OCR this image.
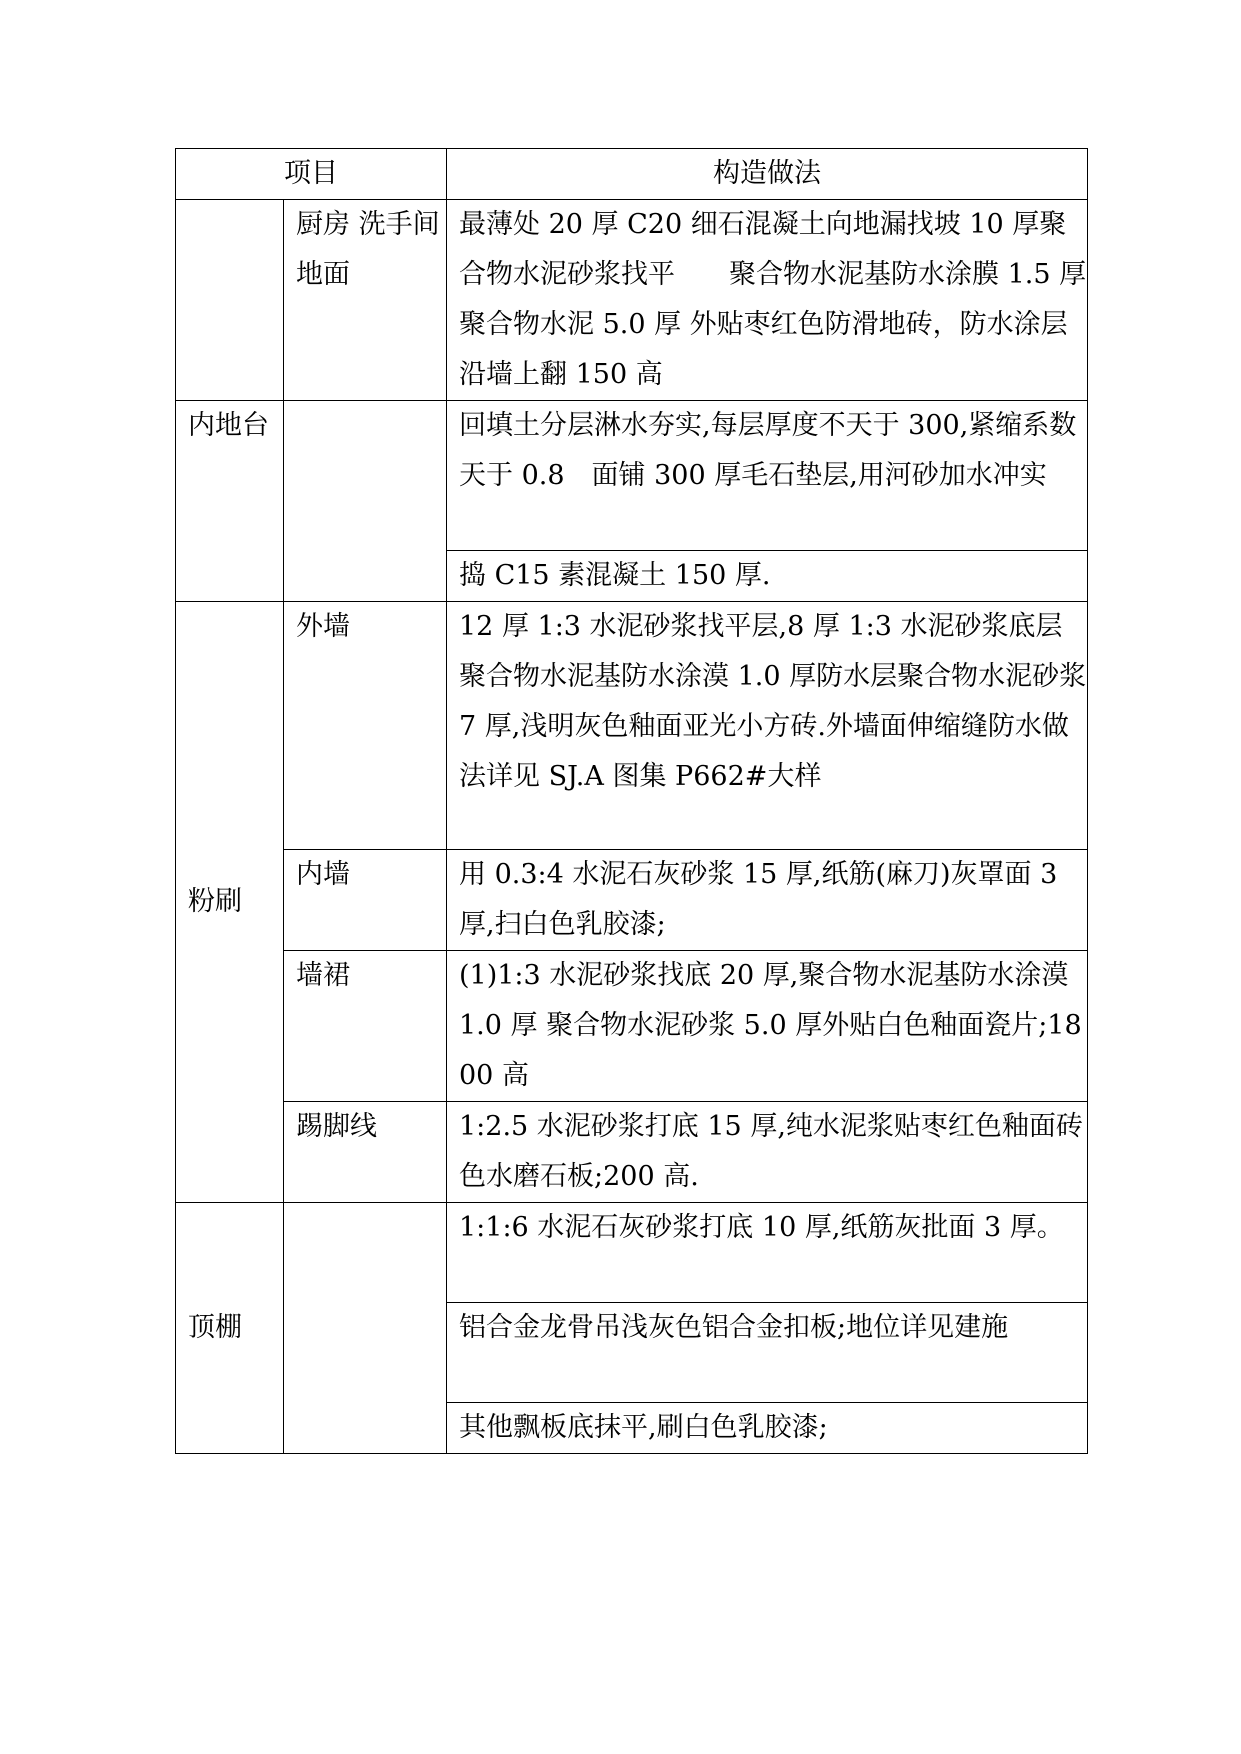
项目		构造做法
	厨房 洗手间地面	最薄处 20 厚 C20 细石混凝土向地漏找坡 10 厚聚合物水泥砂浆找平　　聚合物水泥基防水涂膜 1.5 厚 聚合物水泥 5.0 厚 外贴枣红色防滑地砖，防水涂层沿墙上翻 150 高
内地台		回填土分层淋水夯实,每层厚度不天于 300,紧缩系数天于 0.8　面铺 300 厚毛石垫层,用河砂加水冲实
		捣 C15 素混凝土 150 厚.
粉刷	外墙	12 厚 1:3 水泥砂浆找平层,8 厚 1:3 水泥砂浆底层　聚合物水泥基防水涂漠 1.0 厚防水层聚合物水泥砂浆 7 厚,浅明灰色釉面亚光小方砖.外墙面伸缩缝防水做法详见 SJ.A 图集 P662#大样
	内墙	用 0.3:4 水泥石灰砂浆 15 厚,纸筋(麻刀)灰罩面 3 厚,扫白色乳胶漆;
	墙裙	(1)1:3 水泥砂浆找底 20 厚,聚合物水泥基防水涂漠 1.0 厚 聚合物水泥砂浆 5.0 厚外贴白色釉面瓷片;1800 高
	踢脚线	1:2.5 水泥砂浆打底 15 厚,纯水泥浆贴枣红色釉面砖色水磨石板;200 高.
顶棚		1:1:6 水泥石灰砂浆打底 10 厚,纸筋灰批面 3 厚。
		铝合金龙骨吊浅灰色铝合金扣板;地位详见建施
		其他飘板底抹平,刷白色乳胶漆;
